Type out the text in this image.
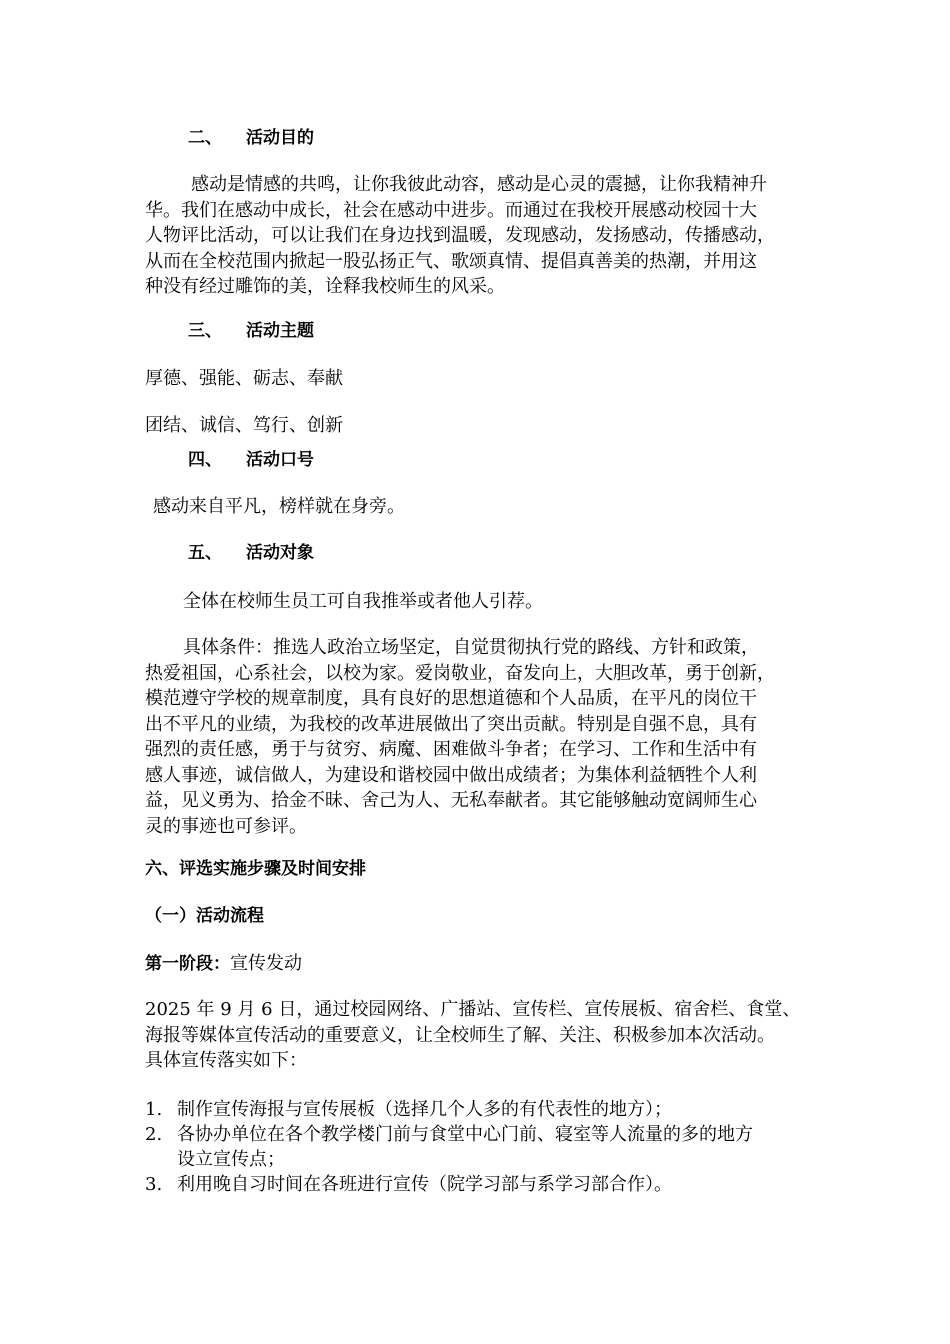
二、 活动目的
感动是情感的共鸣，让你我彼此动容，感动是心灵的震撼，让你我精神升
华。我们在感动中成长，社会在感动中进步。而通过在我校开展感动校园十大
人物评比活动，可以让我们在身边找到温暖，发现感动，发扬感动，传播感动，
从而在全校范围内掀起一股弘扬正气、歌颂真情、提倡真善美的热潮，并用这
种没有经过雕饰的美，诠释我校师生的风采。
三、 活动主题
厚德、强能、砺志、奉献
团结、诚信、笃行、创新
四、 活动口号
感动来自平凡，榜样就在身旁。
五、 活动对象
全体在校师生员工可自我推举或者他人引荐。
具体条件：推选人政治立场坚定，自觉贯彻执行党的路线、方针和政策，
热爱祖国，心系社会，以校为家。爱岗敬业，奋发向上，大胆改革，勇于创新，
模范遵守学校的规章制度，具有良好的思想道德和个人品质，在平凡的岗位干
出不平凡的业绩，为我校的改革进展做出了突出贡献。特别是自强不息，具有
强烈的责任感，勇于与贫穷、病魔、困难做斗争者；在学习、工作和生活中有
感人事迹，诚信做人，为建设和谐校园中做出成绩者；为集体利益牺牲个人利
益，见义勇为、拾金不昧、舍己为人、无私奉献者。其它能够触动宽阔师生心
灵的事迹也可参评。
六、评选实施步骤及时间安排
（一）活动流程
第一阶段：宣传发动
2025 年 9 月 6 日，通过校园网络、广播站、宣传栏、宣传展板、宿舍栏、食堂、
海报等媒体宣传活动的重要意义，让全校师生了解、关注、积极参加本次活动。
具体宣传落实如下：
1. 制作宣传海报与宣传展板（选择几个人多的有代表性的地方）；
2. 各协办单位在各个教学楼门前与食堂中心门前、寝室等人流量的多的地方
设立宣传点；
3. 利用晚自习时间在各班进行宣传（院学习部与系学习部合作）。
